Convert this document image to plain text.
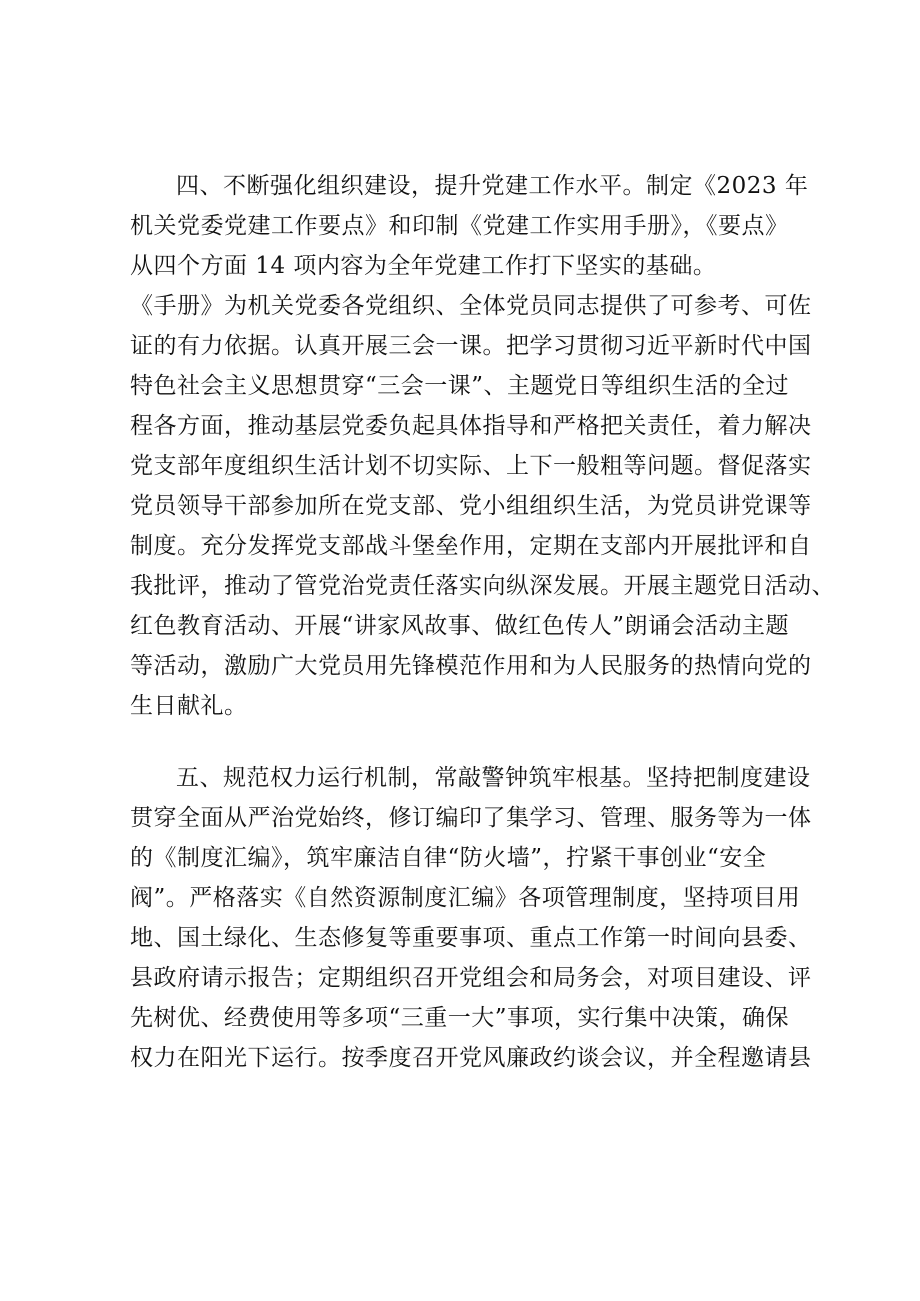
四、不断强化组织建设，提升党建工作水平。制定《2023 年
机关党委党建工作要点》和印制《党建工作实用手册》，《要点》
从四个方面 14 项内容为全年党建工作打下坚实的基础。
《手册》为机关党委各党组织、全体党员同志提供了可参考、可佐
证的有力依据。认真开展三会一课。把学习贯彻习近平新时代中国
特色社会主义思想贯穿“三会一课”、主题党日等组织生活的全过
程各方面，推动基层党委负起具体指导和严格把关责任，着力解决
党支部年度组织生活计划不切实际、上下一般粗等问题。督促落实
党员领导干部参加所在党支部、党小组组织生活，为党员讲党课等
制度。充分发挥党支部战斗堡垒作用，定期在支部内开展批评和自
我批评，推动了管党治党责任落实向纵深发展。开展主题党日活动、
红色教育活动、开展“讲家风故事、做红色传人”朗诵会活动主题
等活动，激励广大党员用先锋模范作用和为人民服务的热情向党的
生日献礼。
五、规范权力运行机制，常敲警钟筑牢根基。坚持把制度建设
贯穿全面从严治党始终，修订编印了集学习、管理、服务等为一体
的《制度汇编》，筑牢廉洁自律“防火墙”，拧紧干事创业“安全
阀”。严格落实《自然资源制度汇编》各项管理制度，坚持项目用
地、国土绿化、生态修复等重要事项、重点工作第一时间向县委、
县政府请示报告；定期组织召开党组会和局务会，对项目建设、评
先树优、经费使用等多项“三重一大”事项，实行集中决策，确保
权力在阳光下运行。按季度召开党风廉政约谈会议，并全程邀请县
